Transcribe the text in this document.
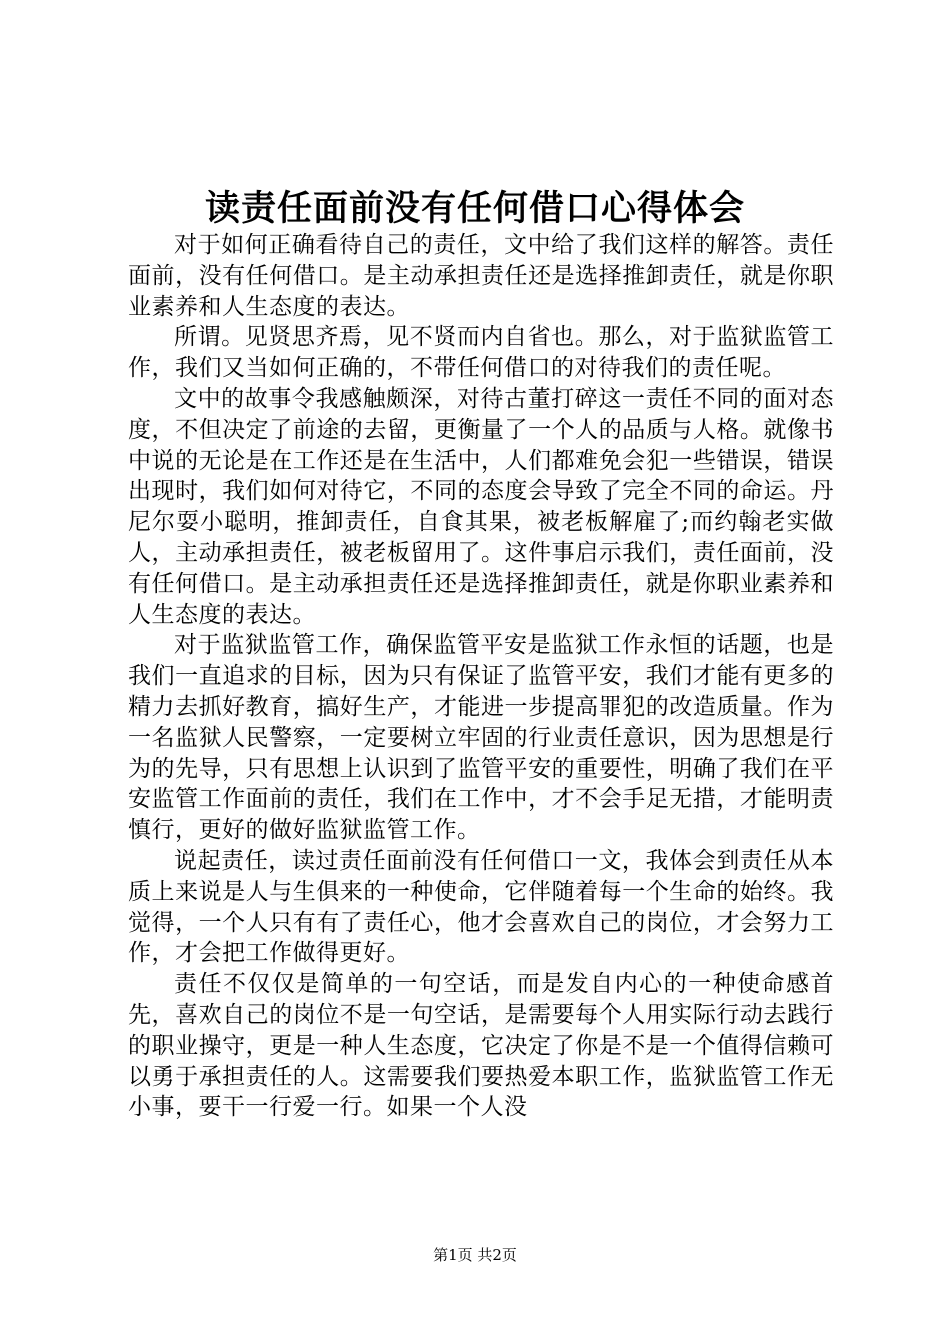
读责任面前没有任何借口心得体会

对于如何正确看待自己的责任，文中给了我们这样的解答。责任面前，没有任何借口。是主动承担责任还是选择推卸责任，就是你职业素养和人生态度的表达。

所谓。见贤思齐焉，见不贤而内自省也。那么，对于监狱监管工作，我们又当如何正确的，不带任何借口的对待我们的责任呢。

文中的故事令我感触颇深，对待古董打碎这一责任不同的面对态度，不但决定了前途的去留，更衡量了一个人的品质与人格。就像书中说的无论是在工作还是在生活中，人们都难免会犯一些错误，错误出现时，我们如何对待它，不同的态度会导致了完全不同的命运。丹尼尔耍小聪明，推卸责任，自食其果，被老板解雇了;而约翰老实做人，主动承担责任，被老板留用了。这件事启示我们，责任面前，没有任何借口。是主动承担责任还是选择推卸责任，就是你职业素养和人生态度的表达。

对于监狱监管工作，确保监管平安是监狱工作永恒的话题，也是我们一直追求的目标，因为只有保证了监管平安，我们才能有更多的精力去抓好教育，搞好生产，才能进一步提高罪犯的改造质量。作为一名监狱人民警察，一定要树立牢固的行业责任意识，因为思想是行为的先导，只有思想上认识到了监管平安的重要性，明确了我们在平安监管工作面前的责任，我们在工作中，才不会手足无措，才能明责慎行，更好的做好监狱监管工作。

说起责任，读过责任面前没有任何借口一文，我体会到责任从本质上来说是人与生俱来的一种使命，它伴随着每一个生命的始终。我觉得，一个人只有有了责任心，他才会喜欢自己的岗位，才会努力工作，才会把工作做得更好。

责任不仅仅是简单的一句空话，而是发自内心的一种使命感首先，喜欢自己的岗位不是一句空话，是需要每个人用实际行动去践行的职业操守，更是一种人生态度，它决定了你是不是一个值得信赖可以勇于承担责任的人。这需要我们要热爱本职工作，监狱监管工作无小事，要干一行爱一行。如果一个人没

第1页 共2页
